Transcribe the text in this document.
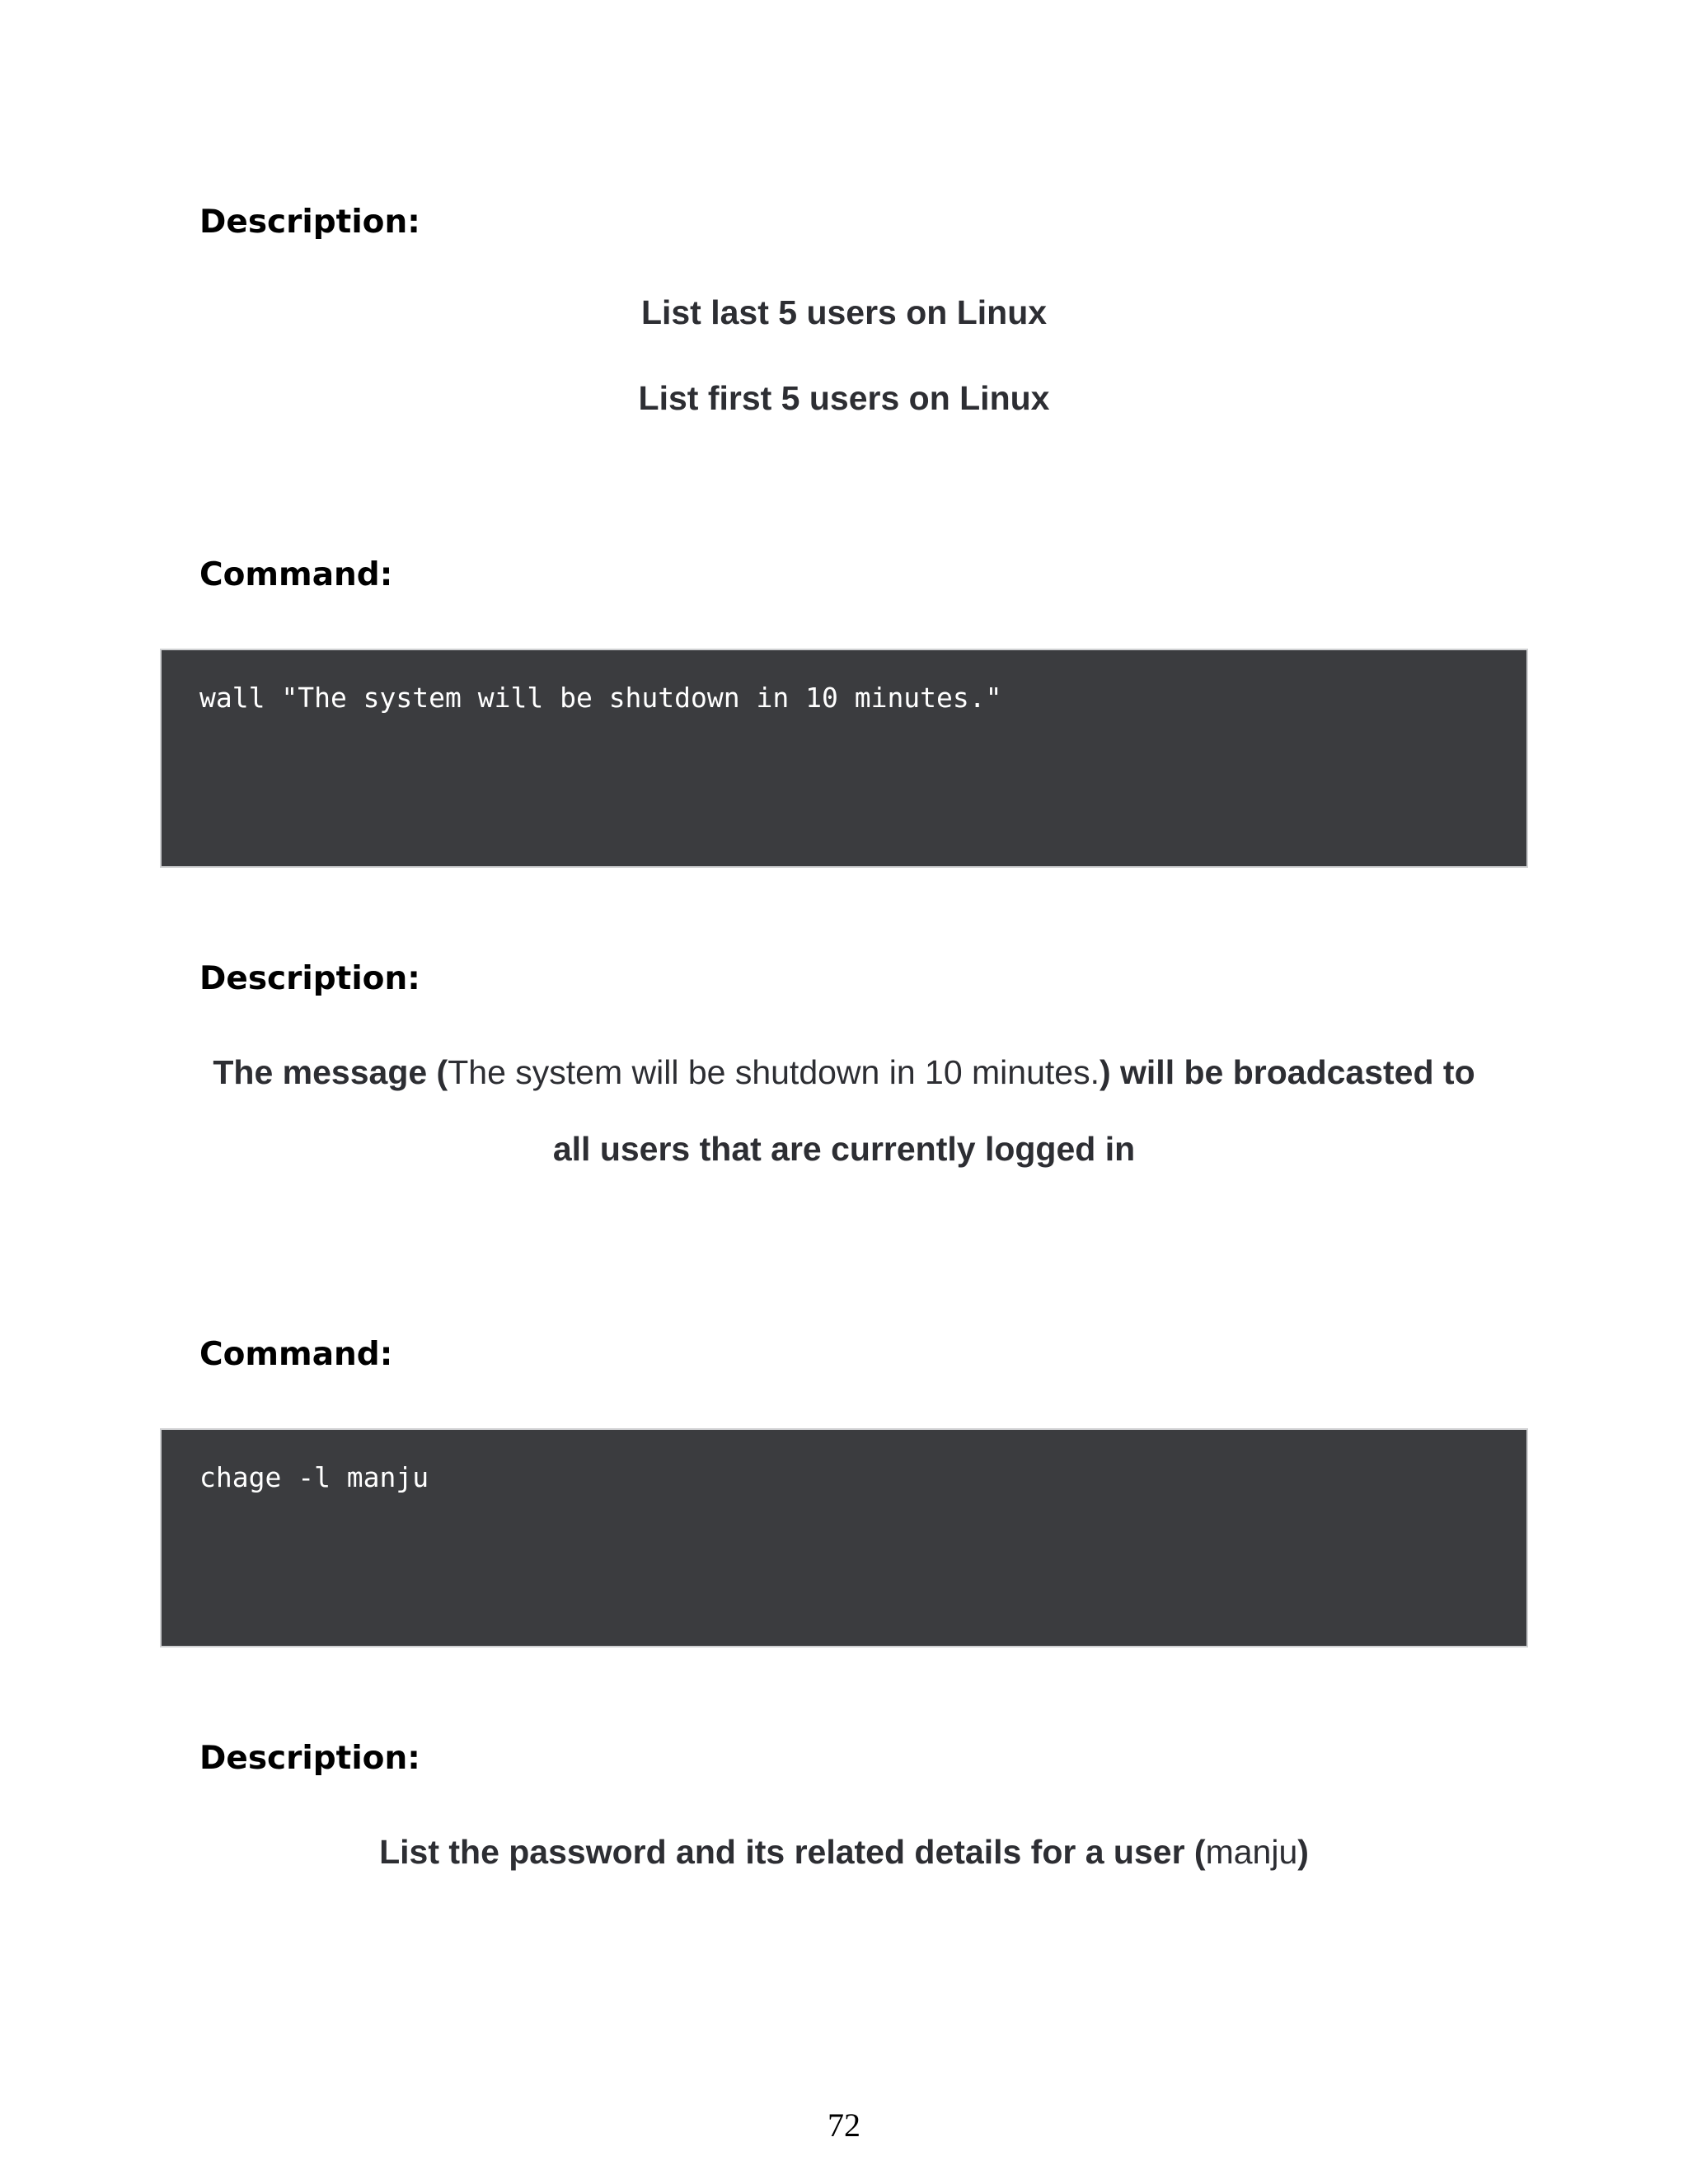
Description:

List last 5 users on Linux

List first 5 users on Linux

Command:
wall "The system will be shutdown in 10 minutes."
Description:

The message (The system will be shutdown in 10 minutes.) will be broadcasted to

all users that are currently logged in

Command:
chage -l manju
Description:

List the password and its related details for a user (manju)

72
